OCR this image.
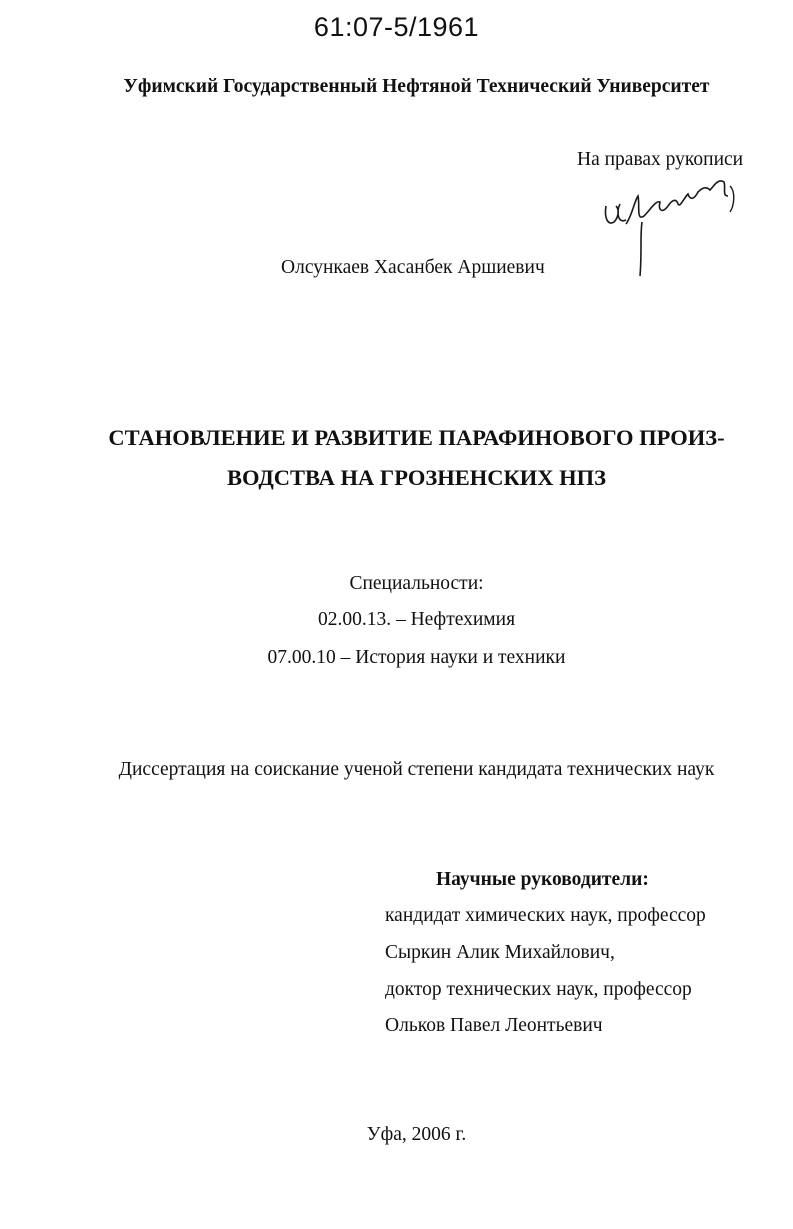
61:07-5/1961
Уфимский Государственный Нефтяной Технический Университет
На правах рукописи
Олсункаев Хасанбек Аршиевич
СТАНОВЛЕНИЕ И РАЗВИТИЕ ПАРАФИНОВОГО ПРОИЗ-
ВОДСТВА НА ГРОЗНЕНСКИХ НПЗ
Специальности:
02.00.13. – Нефтехимия
07.00.10 – История науки и техники
Диссертация на соискание ученой степени кандидата технических наук
Научные руководители:
кандидат химических наук, профессор
Сыркин Алик Михайлович,
доктор технических наук, профессор
Ольков Павел Леонтьевич
Уфа, 2006 г.
